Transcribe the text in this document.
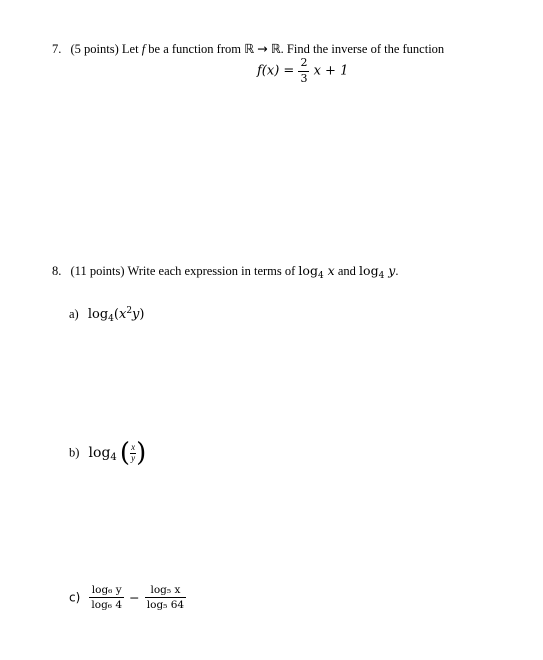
7. (5 points) Let f be a function from ℝ → ℝ. Find the inverse of the function
$f(x) = \frac{2}{3}$ x + 1
8. (11 points) Write each expression in terms of $\log_4 x$ and $\log_4 y$.
a) $\log_4(x^2y)$
b) $\log_4$ ( $\frac{x}{y}$ )
$c) \frac{\text{log₆ y}}{\text{log₆ 4}} - \frac{\text{log₅ x}}{\text{log₅ 64}}$
